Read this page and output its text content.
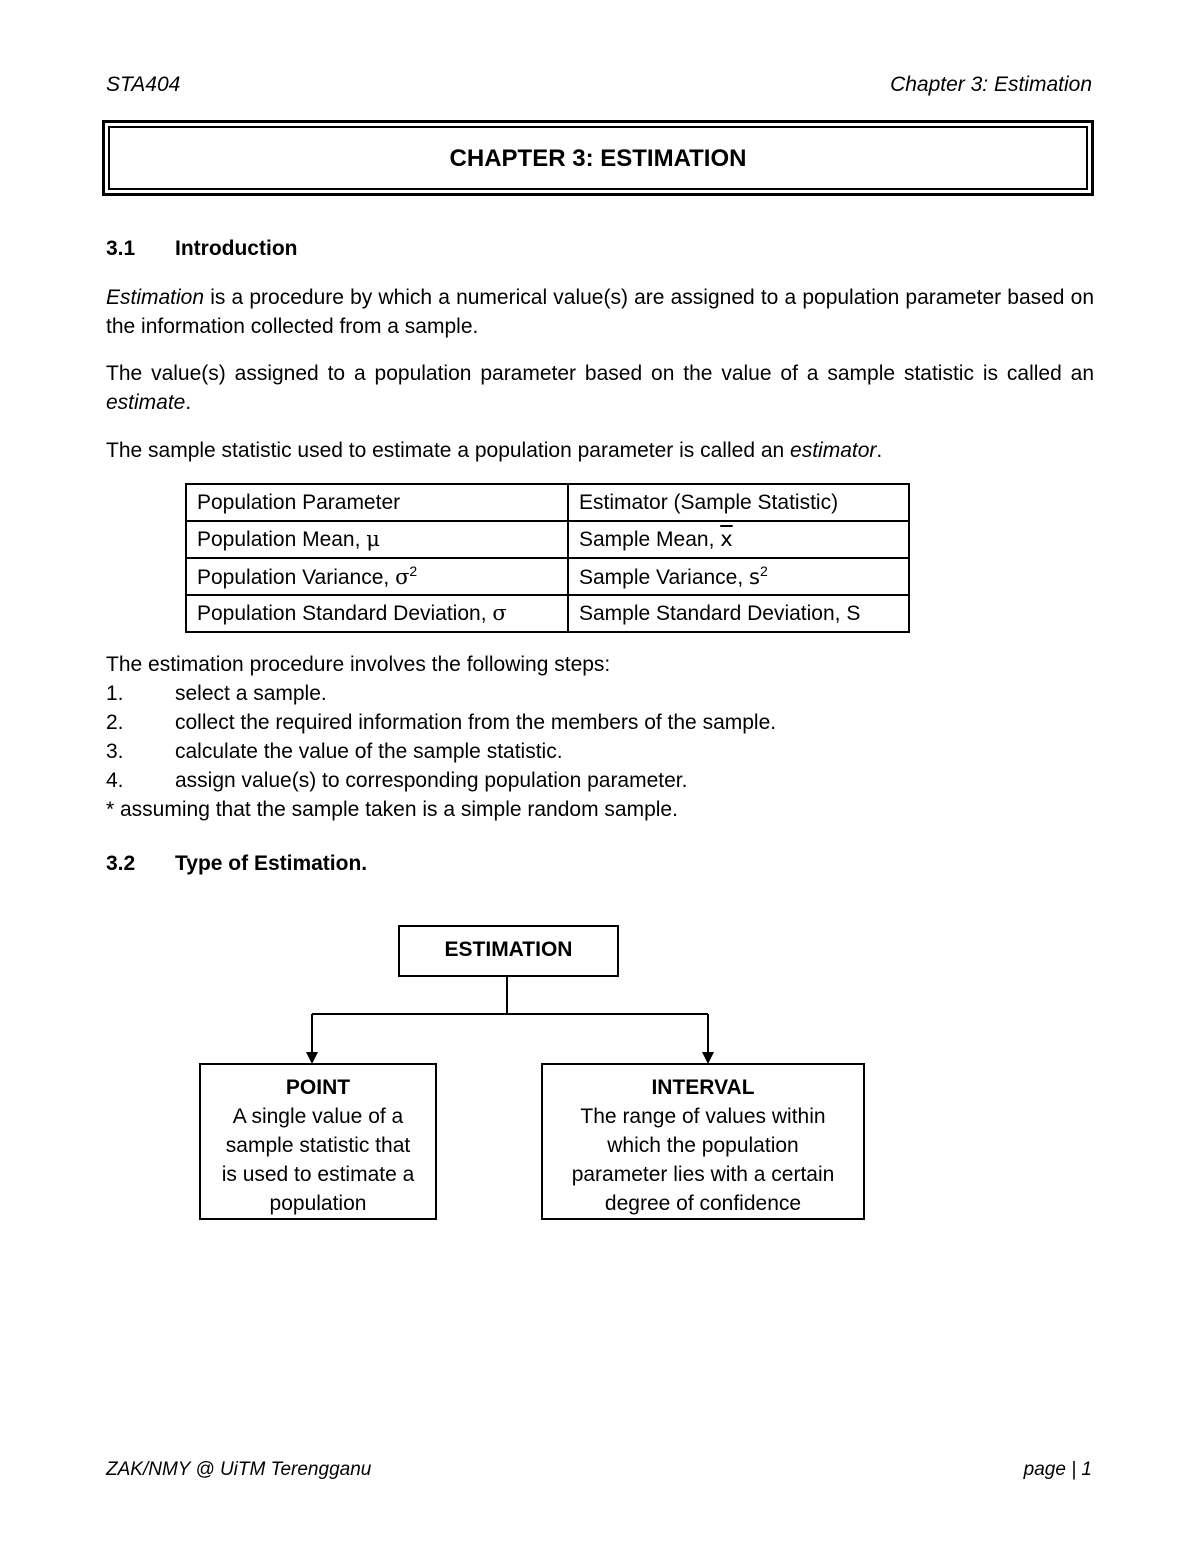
STA404	Chapter 3: Estimation
CHAPTER 3: ESTIMATION
3.1 Introduction
Estimation is a procedure by which a numerical value(s) are assigned to a population parameter based on the information collected from a sample.
The value(s) assigned to a population parameter based on the value of a sample statistic is called an estimate.
The sample statistic used to estimate a population parameter is called an estimator.
Population Parameter	Estimator (Sample Statistic)
Population Mean, μ	Sample Mean, $\overline{x}$
Population Variance, $\sigma^2$	Sample Variance, $s^2$
Population Standard Deviation, σ	Sample Standard Deviation, S
The estimation procedure involves the following steps:
1. select a sample.
2. collect the required information from the members of the sample.
3. calculate the value of the sample statistic.
4. assign value(s) to corresponding population parameter.
* assuming that the sample taken is a simple random sample.
3.2 Type of Estimation.
ESTIMATION
POINT
A single value of a
sample statistic that
is used to estimate a
population
INTERVAL
The range of values within
which the population
parameter lies with a certain
degree of confidence
ZAK/NMY @ UiTM Terengganu	page | 1
